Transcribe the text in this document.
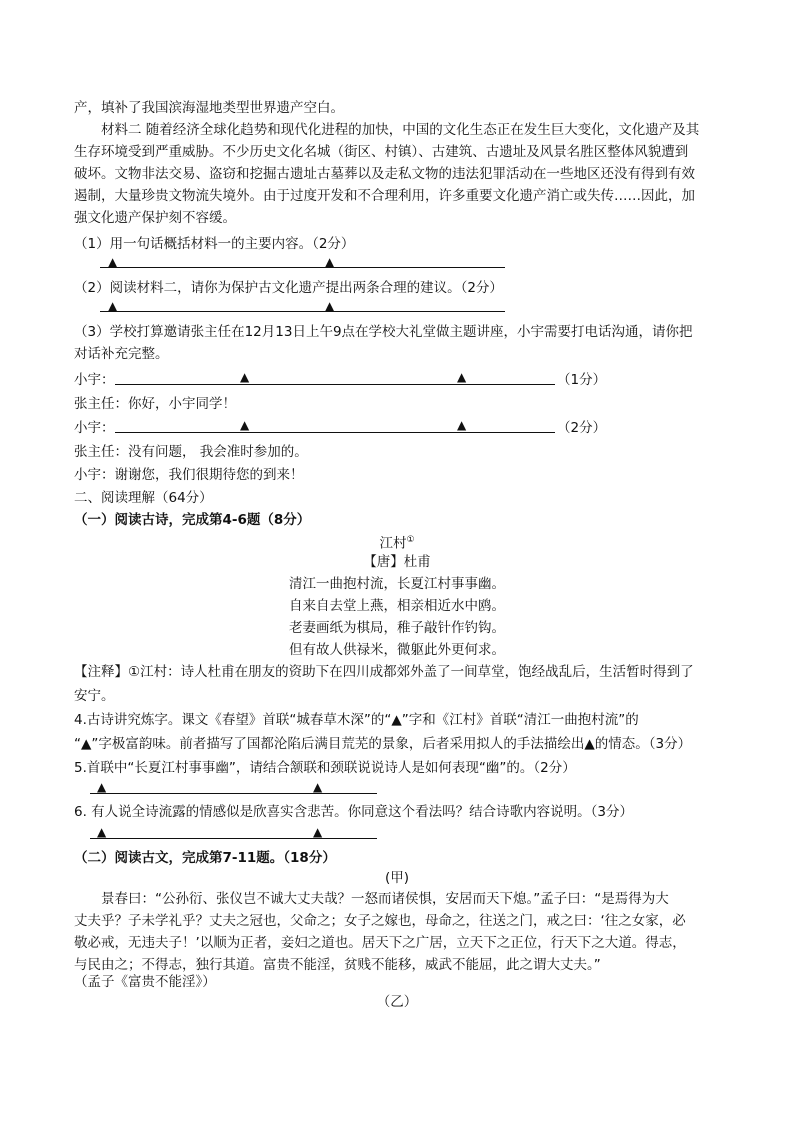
产，填补了我国滨海湿地类型世界遗产空白。
材料二 随着经济全球化趋势和现代化进程的加快，中国的文化生态正在发生巨大变化，文化遗产及其
生存环境受到严重威胁。不少历史文化名城（街区、村镇）、古建筑、古遗址及风景名胜区整体风貌遭到
破坏。文物非法交易、盗窃和挖掘古遗址古墓葬以及走私文物的违法犯罪活动在一些地区还没有得到有效
遏制，大量珍贵文物流失境外。由于过度开发和不合理利用，许多重要文化遗产消亡或失传……因此，加
强文化遗产保护刻不容缓。
（1）用一句话概括材料一的主要内容。（2分）
▲	▲
（2）阅读材料二，请你为保护古文化遗产提出两条合理的建议。（2分）
▲	▲
（3）学校打算邀请张主任在12月13日上午9点在学校大礼堂做主题讲座，小宇需要打电话沟通，请你把
对话补充完整。
小宇：	▲	▲	（1分）
张主任：你好，小宇同学！
小宇：	▲	▲	（2分）
张主任：没有问题， 我会准时参加的。
小宇：谢谢您，我们很期待您的到来！
二、阅读理解（64分）
（一）阅读古诗，完成第4-6题（8分）
江村①
【唐】杜甫
清江一曲抱村流，长夏江村事事幽。
自来自去堂上燕，相亲相近水中鸥。
老妻画纸为棋局，稚子敲针作钓钩。
但有故人供禄米，微躯此外更何求。
【注释】①江村：诗人杜甫在朋友的资助下在四川成都郊外盖了一间草堂，饱经战乱后，生活暂时得到了
安宁。
4.古诗讲究炼字。课文《春望》首联“城春草木深”的“▲”字和《江村》首联“清江一曲抱村流”的
“▲”字极富韵味。前者描写了国都沦陷后满目荒芜的景象，后者采用拟人的手法描绘出▲的情态。（3分）
5.首联中“长夏江村事事幽”，请结合颔联和颈联说说诗人是如何表现“幽”的。（2分）
▲	▲
6. 有人说全诗流露的情感似是欣喜实含悲苦。你同意这个看法吗？结合诗歌内容说明。（3分）
▲	▲
（二）阅读古文，完成第7-11题。（18分）
(甲)
景春曰：“公孙衍、张仪岂不诚大丈夫哉？一怒而诸侯惧，安居而天下熄。”孟子曰：“是焉得为大
丈夫乎？子未学礼乎？丈夫之冠也，父命之；女子之嫁也，母命之，往送之门，戒之曰：‘往之女家，必
敬必戒，无违夫子！’以顺为正者，妾妇之道也。居天下之广居，立天下之正位，行天下之大道。得志，
与民由之；不得志，独行其道。富贵不能淫，贫贱不能移，威武不能屈，此之谓大丈夫。”
（孟子《富贵不能淫》）
（乙）
